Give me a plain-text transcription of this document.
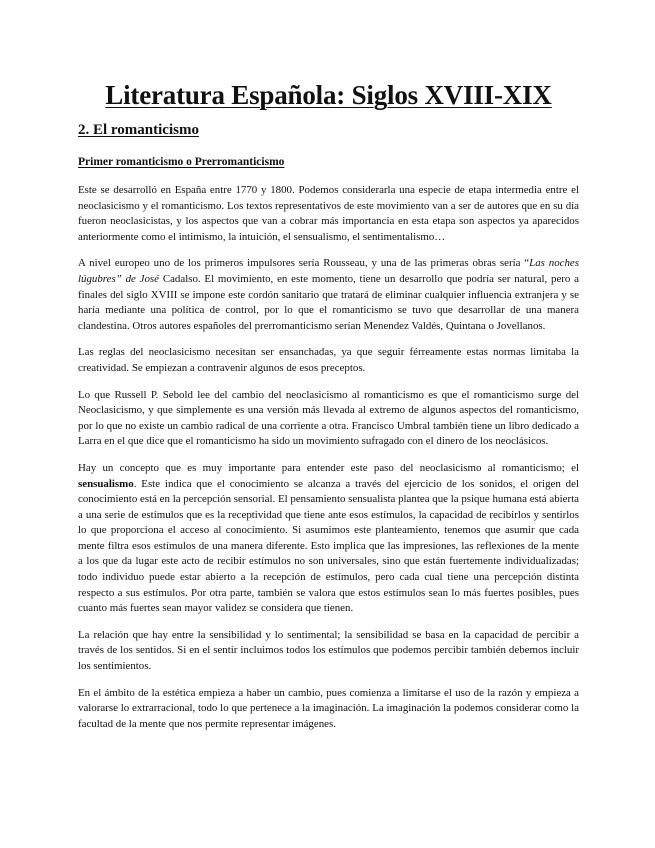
Literatura Española: Siglos XVIII-XIX
2. El romanticismo
Primer romanticismo o Prerromanticismo

Este se desarrolló en España entre 1770 y 1800. Podemos considerarla una especie de etapa intermedia entre el neoclasicismo y el romanticismo. Los textos representativos de este movimiento van a ser de autores que en su día fueron neoclasicistas, y los aspectos que van a cobrar más importancia en esta etapa son aspectos ya aparecidos anteriormente como el intimismo, la intuición, el sensualismo, el sentimentalismo…

A nivel europeo uno de los primeros impulsores sería Rousseau, y una de las primeras obras sería “Las noches lúgubres” de José Cadalso. El movimiento, en este momento, tiene un desarrollo que podría ser natural, pero a finales del siglo XVIII se impone este cordón sanitario que tratará de eliminar cualquier influencia extranjera y se haría mediante una política de control, por lo que el romanticismo se tuvo que desarrollar de una manera clandestina. Otros autores españoles del prerromanticismo serían Menendez Valdés, Quintana o Jovellanos.

Las reglas del neoclasicismo necesitan ser ensanchadas, ya que seguir férreamente estas normas limitaba la creatividad. Se empiezan a contravenir algunos de esos preceptos.

Lo que Russell P. Sebold lee del cambio del neoclasicismo al romanticismo es que el romanticismo surge del Neoclasicismo, y que simplemente es una versión más llevada al extremo de algunos aspectos del romanticismo, por lo que no existe un cambio radical de una corriente a otra. Francisco Umbral también tiene un libro dedicado a Larra en el que dice que el romanticismo ha sido un movimiento sufragado con el dinero de los neoclásicos.

Hay un concepto que es muy importante para entender este paso del neoclasicismo al romanticismo; el sensualismo. Este indica que el conocimiento se alcanza a través del ejercicio de los sonidos, el origen del conocimiento está en la percepción sensorial. El pensamiento sensualista plantea que la psique humana está abierta a una serie de estímulos que es la receptividad que tiene ante esos estímulos, la capacidad de recibirlos y sentirlos lo que proporciona el acceso al conocimiento. Si asumimos este planteamiento, tenemos que asumir que cada mente filtra esos estímulos de una manera diferente. Esto implica que las impresiones, las reflexiones de la mente a los que da lugar este acto de recibir estímulos no son universales, sino que están fuertemente individualizadas; todo individuo puede estar abierto a la recepción de estímulos, pero cada cual tiene una percepción distinta respecto a sus estímulos. Por otra parte, también se valora que estos estímulos sean lo más fuertes posibles, pues cuanto más fuertes sean mayor validez se considera que tienen.

La relación que hay entre la sensibilidad y lo sentimental; la sensibilidad se basa en la capacidad de percibir a través de los sentidos. Si en el sentir incluimos todos los estímulos que podemos percibir también debemos incluir los sentimientos.

En el ámbito de la estética empieza a haber un cambio, pues comienza a limitarse el uso de la razón y empieza a valorarse lo extrarracional, todo lo que pertenece a la imaginación. La imaginación la podemos considerar como la facultad de la mente que nos permite representar imágenes.
